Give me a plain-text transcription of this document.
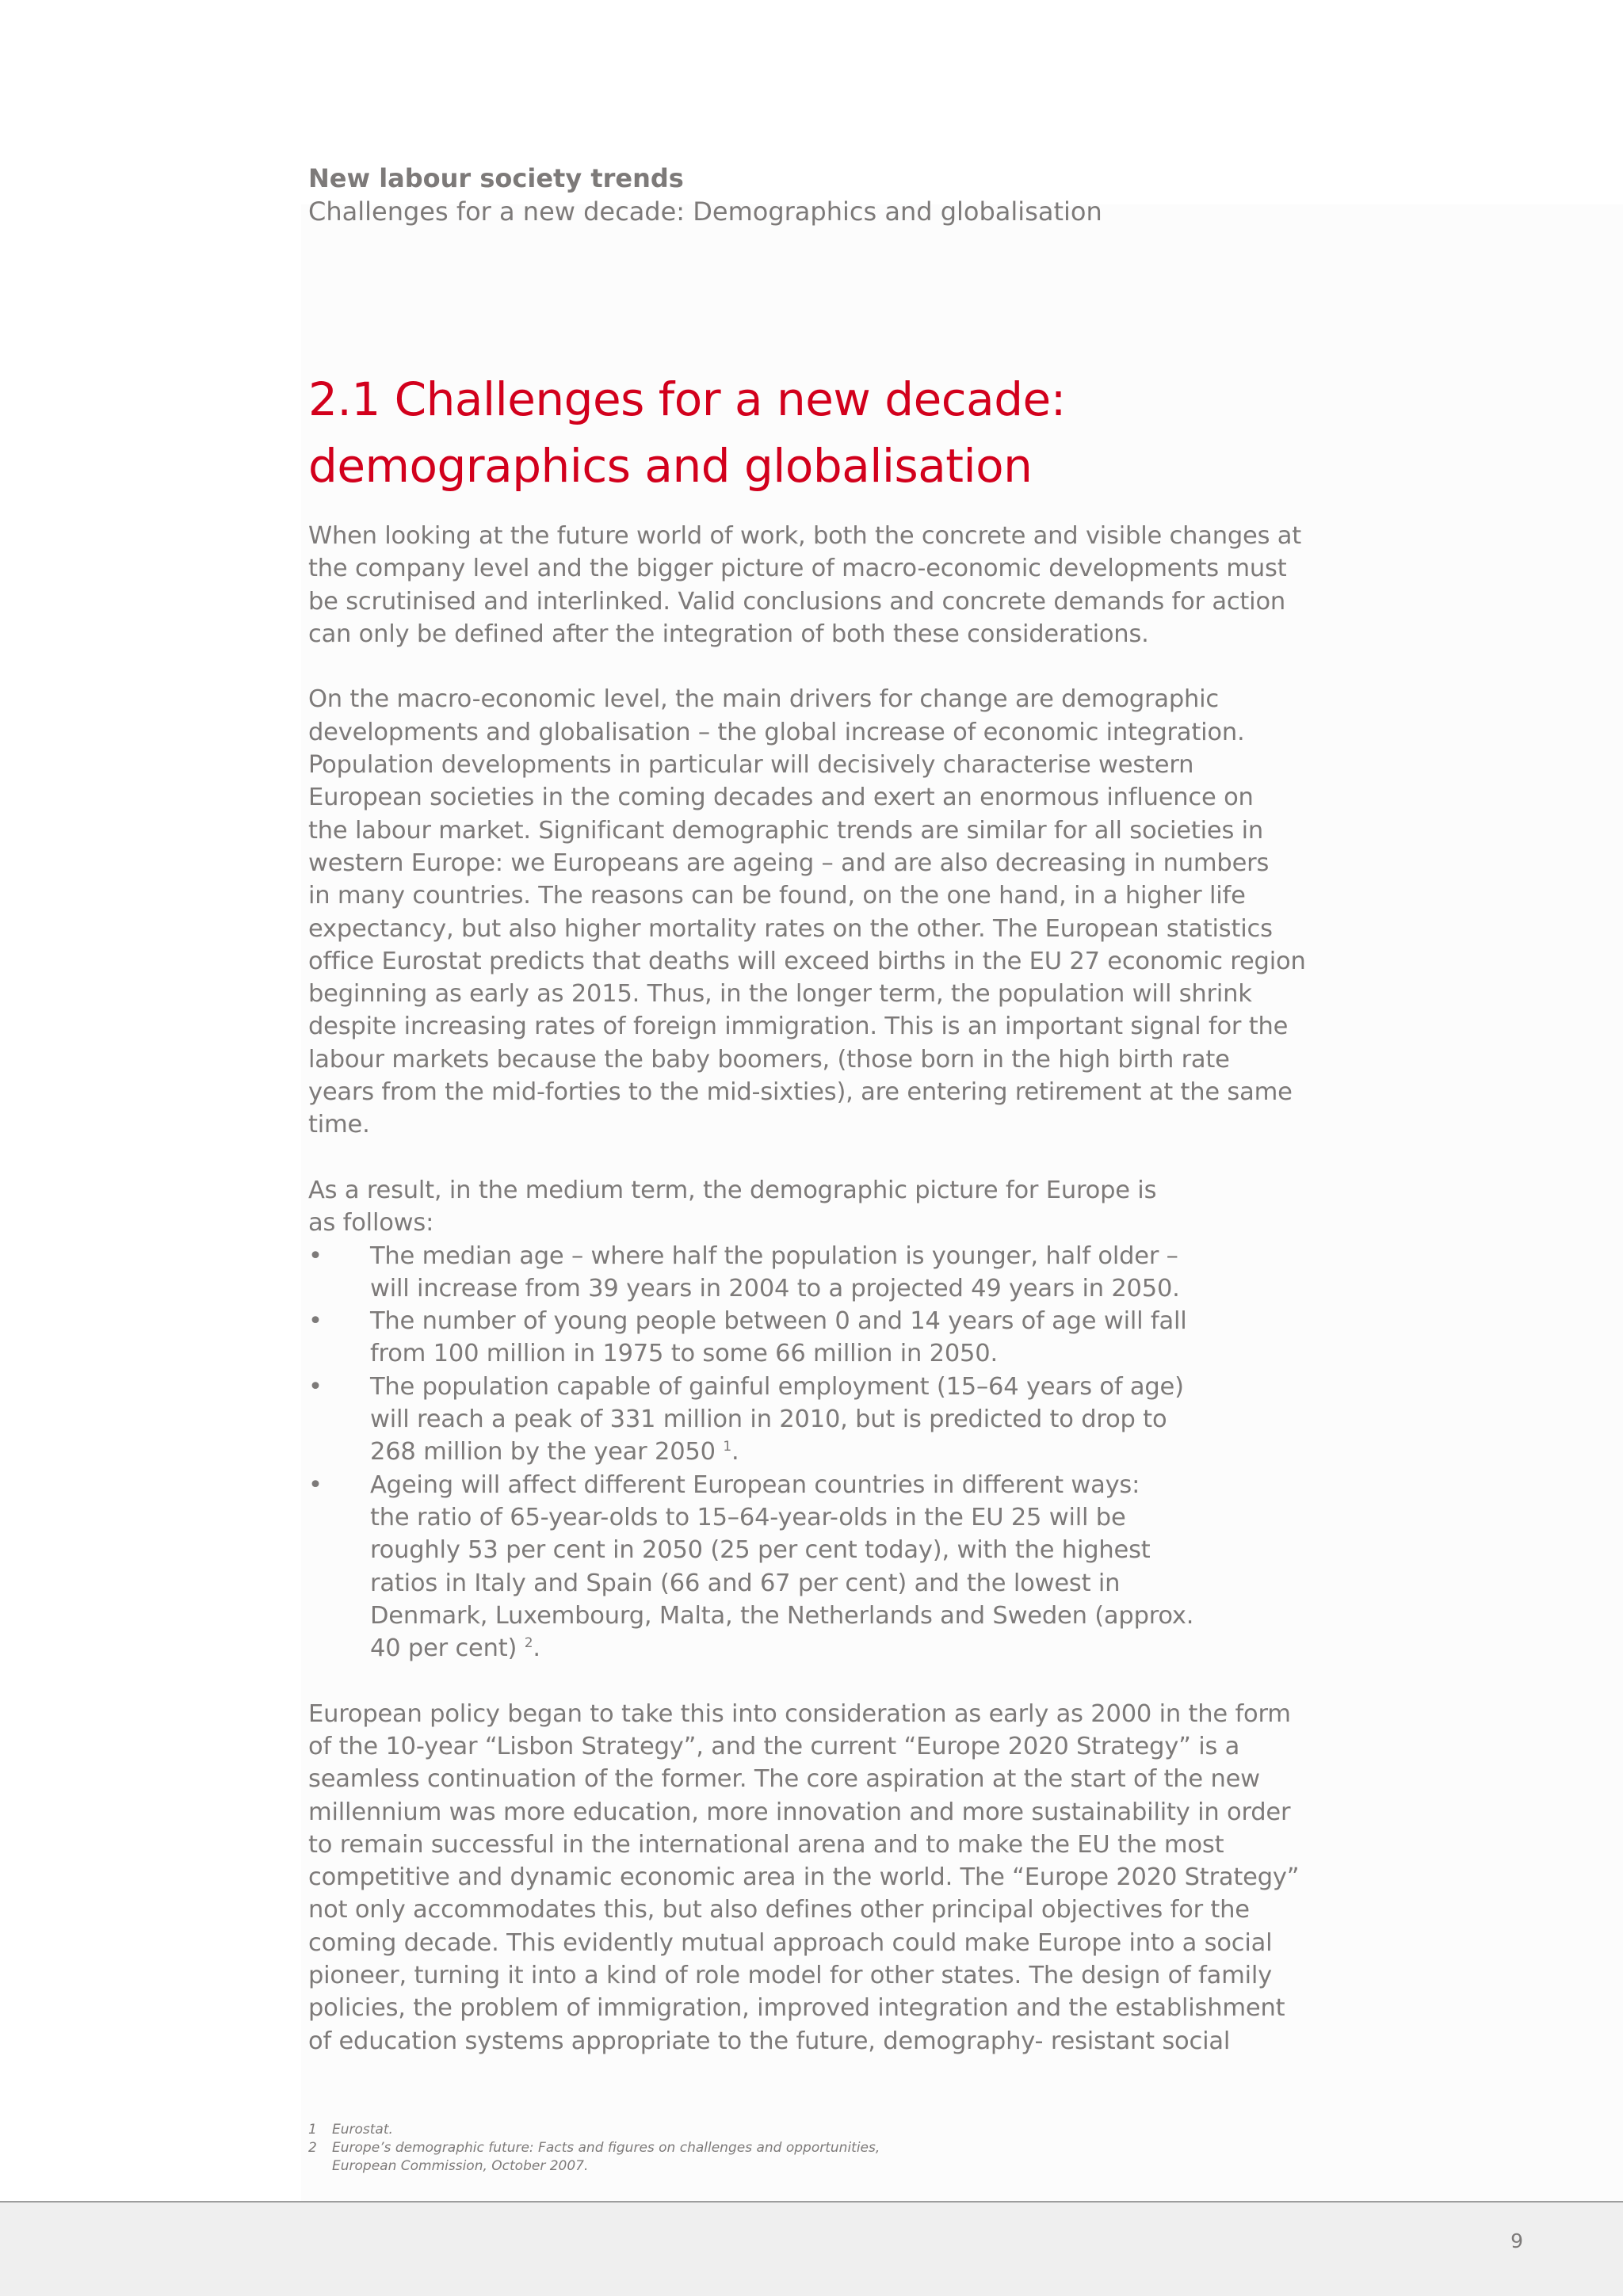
New labour society trends
Challenges for a new decade: Demographics and globalisation
2.1 Challenges for a new decade:
demographics and globalisation
When looking at the future world of work, both the concrete and visible changes at
the company level and the bigger picture of macro-economic developments must
be scrutinised and interlinked. Valid conclusions and concrete demands for action
can only be defined after the integration of both these considerations.
On the macro-economic level, the main drivers for change are demographic
developments and globalisation – the global increase of economic integration.
Population developments in particular will decisively characterise western
European societies in the coming decades and exert an enormous influence on
the labour market. Significant demographic trends are similar for all societies in
western Europe: we Europeans are ageing – and are also decreasing in numbers
in many countries. The reasons can be found, on the one hand, in a higher life
expectancy, but also higher mortality rates on the other. The European statistics
office Eurostat predicts that deaths will exceed births in the EU 27 economic region
beginning as early as 2015. Thus, in the longer term, the population will shrink
despite increasing rates of foreign immigration. This is an important signal for the
labour markets because the baby boomers, (those born in the high birth rate
years from the mid-forties to the mid-sixties), are entering retirement at the same
time.
As a result, in the medium term, the demographic picture for Europe is
as follows:
• The median age – where half the population is younger, half older –
will increase from 39 years in 2004 to a projected 49 years in 2050.
• The number of young people between 0 and 14 years of age will fall
from 100 million in 1975 to some 66 million in 2050.
• The population capable of gainful employment (15–64 years of age)
will reach a peak of 331 million in 2010, but is predicted to drop to
268 million by the year 2050 $^1$.
• Ageing will affect different European countries in different ways:
the ratio of 65-year-olds to 15–64-year-olds in the EU 25 will be
roughly 53 per cent in 2050 (25 per cent today), with the highest
ratios in Italy and Spain (66 and 67 per cent) and the lowest in
Denmark, Luxembourg, Malta, the Netherlands and Sweden (approx.
40 per cent) $^2$.
European policy began to take this into consideration as early as 2000 in the form
of the 10-year “Lisbon Strategy”, and the current “Europe 2020 Strategy” is a
seamless continuation of the former. The core aspiration at the start of the new
millennium was more education, more innovation and more sustainability in order
to remain successful in the international arena and to make the EU the most
competitive and dynamic economic area in the world. The “Europe 2020 Strategy”
not only accommodates this, but also defines other principal objectives for the
coming decade. This evidently mutual approach could make Europe into a social
pioneer, turning it into a kind of role model for other states. The design of family
policies, the problem of immigration, improved integration and the establishment
of education systems appropriate to the future, demography- resistant social
1 Eurostat.
2 Europe’s demographic future: Facts and figures on challenges and opportunities,
European Commission, October 2007.
9
